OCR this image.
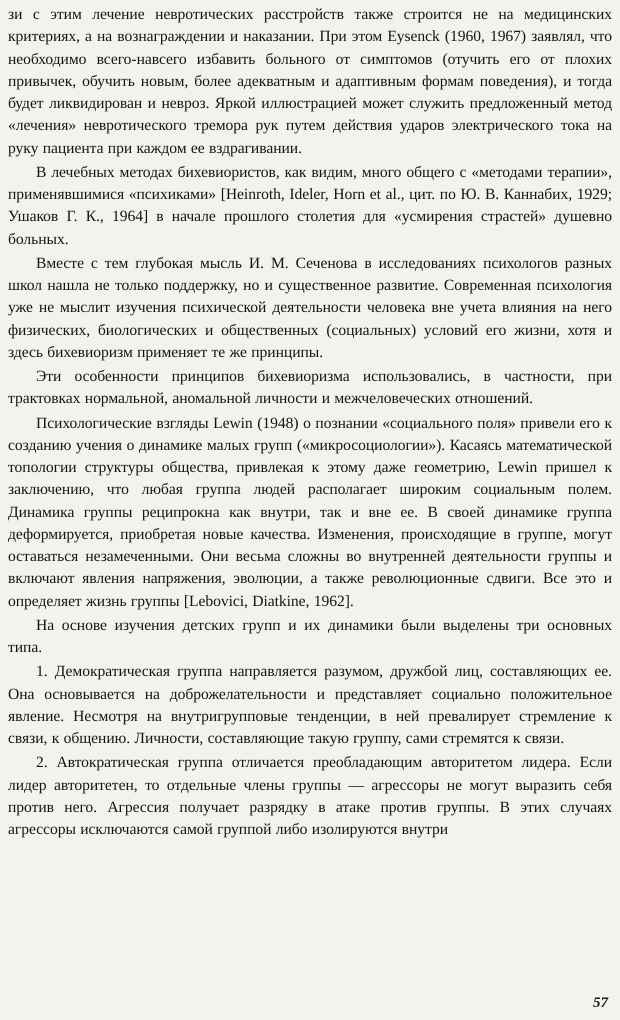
зи с этим лечение невротических расстройств также строится не на медицинских критериях, а на вознаграждении и наказании. При этом Eysenck (1960, 1967) заявлял, что необходимо всего-навсего избавить больного от симптомов (отучить его от плохих привычек, обучить новым, более адекватным и адаптивным формам поведения), и тогда будет ликвидирован и невроз. Яркой иллюстрацией может служить предложенный метод «лечения» невротического тремора рук путем действия ударов электрического тока на руку пациента при каждом ее вздрагивании.

В лечебных методах бихевиористов, как видим, много общего с «методами терапии», применявшимися «психиками» [Heinroth, Ideler, Horn et al., цит. по Ю. В. Каннабих, 1929; Ушаков Г. К., 1964] в начале прошлого столетия для «усмирения страстей» душевно больных.

Вместе с тем глубокая мысль И. М. Сеченова в исследованиях психологов разных школ нашла не только поддержку, но и существенное развитие. Современная психология уже не мыслит изучения психической деятельности человека вне учета влияния на него физических, биологических и общественных (социальных) условий его жизни, хотя и здесь бихевиоризм применяет те же принципы.

Эти особенности принципов бихевиоризма использовались, в частности, при трактовках нормальной, аномальной личности и межчеловеческих отношений.

Психологические взгляды Lewin (1948) о познании «социального поля» привели его к созданию учения о динамике малых групп («микросоциологии»). Касаясь математической топологии структуры общества, привлекая к этому даже геометрию, Lewin пришел к заключению, что любая группа людей располагает широким социальным полем. Динамика группы реципрокна как внутри, так и вне ее. В своей динамике группа деформируется, приобретая новые качества. Изменения, происходящие в группе, могут оставаться незамеченными. Они весьма сложны во внутренней деятельности группы и включают явления напряжения, эволюции, а также революционные сдвиги. Все это и определяет жизнь группы [Lebovici, Diatkine, 1962].

На основе изучения детских групп и их динамики были выделены три основных типа.

1. Демократическая группа направляется разумом, дружбой лиц, составляющих ее. Она основывается на доброжелательности и представляет социально положительное явление. Несмотря на внутригрупповые тенденции, в ней превалирует стремление к связи, к общению. Личности, составляющие такую группу, сами стремятся к связи.

2. Автократическая группа отличается преобладающим авторитетом лидера. Если лидер авторитетен, то отдельные члены группы — агрессоры не могут выразить себя против него. Агрессия получает разрядку в атаке против группы. В этих случаях агрессоры исключаются самой группой либо изолируются внутри

57
